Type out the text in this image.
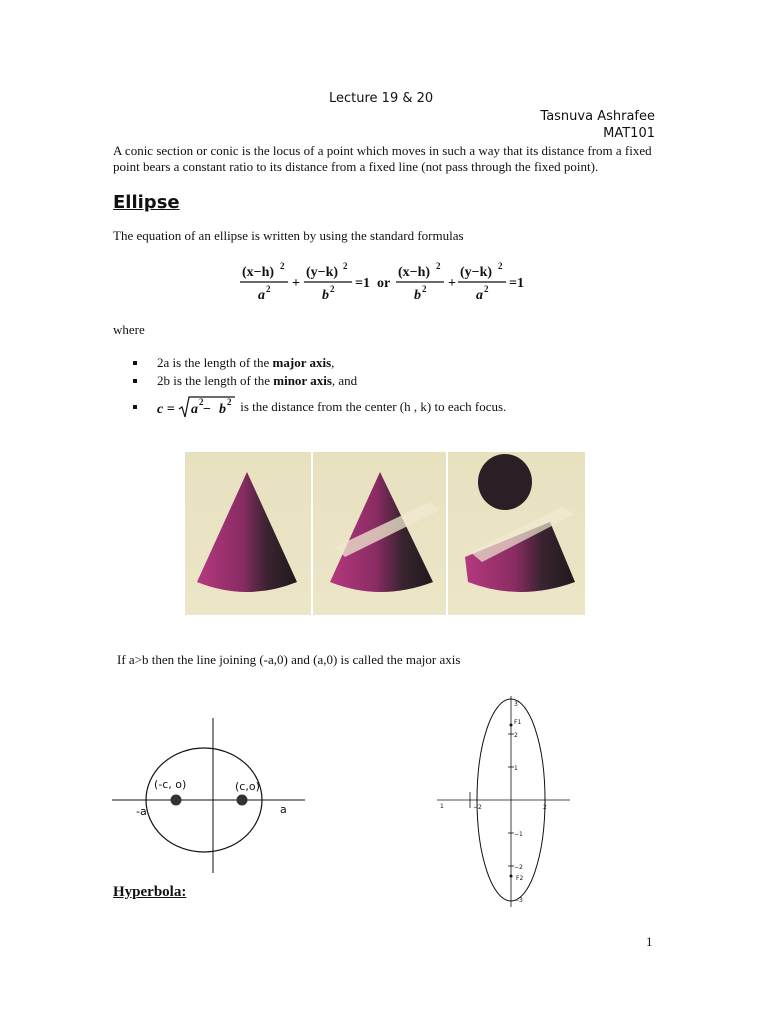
Lecture 19 & 20
Tasnuva Ashrafee
MAT101
A conic section or conic is the locus of a point which moves in such a way that its distance from a fixed point bears a constant ratio to its distance from a fixed line (not pass through the fixed point).
Ellipse
The equation of an ellipse is written by using the standard formulas
(x−h) 2
a 2 +
(y−k) 2
b 2 =1 or
(x−h) 2
b 2 +
(y−k) 2
a 2 =1
where
2a is the length of the major axis,
2b is the length of the minor axis, and
c = a 2 − b 2 is the distance from the center (h , k) to each focus.
If a>b then the line joining (-a,0) and (a,0) is called the major axis
(-c, o)	(c,o)
-a	a
3
2
1
−1
−2
−3
1	−2	2
F1
F2
Hyperbola:
1
